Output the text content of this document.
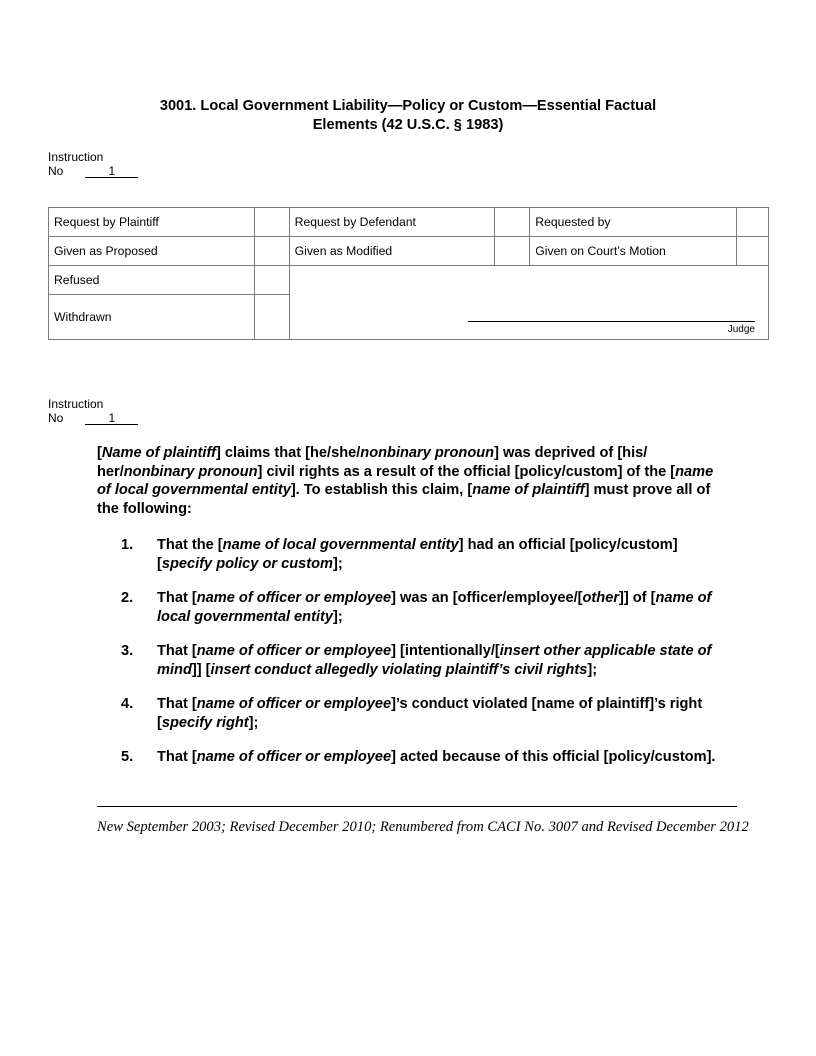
3001. Local Government Liability—Policy or Custom—Essential Factual
Elements (42 U.S.C. § 1983)
Instruction
No	1
Request by Plaintiff		Request by Defendant		Requested by	
Given as Proposed		Given as Modified		Given on Court’s Motion	
Refused		Judge			

Withdrawn					
Instruction
No	1
[Name of plaintiff] claims that [he/she/nonbinary pronoun] was deprived of [his/ her/nonbinary pronoun] civil rights as a result of the official [policy/custom] of the [name of local governmental entity]. To establish this claim, [name of plaintiff] must prove all of the following:
1. That the [name of local governmental entity] had an official [policy/custom] [specify policy or custom];
2. That [name of officer or employee] was an [officer/employee/[other]] of [name of local governmental entity];
3. That [name of officer or employee] [intentionally/[insert other applicable state of mind]] [insert conduct allegedly violating plaintiff’s civil rights];
4. That [name of officer or employee]’s conduct violated [name of plaintiff]’s right [specify right];
5. That [name of officer or employee] acted because of this official [policy/custom].
New September 2003; Revised December 2010; Renumbered from CACI No. 3007 and Revised December 2012
